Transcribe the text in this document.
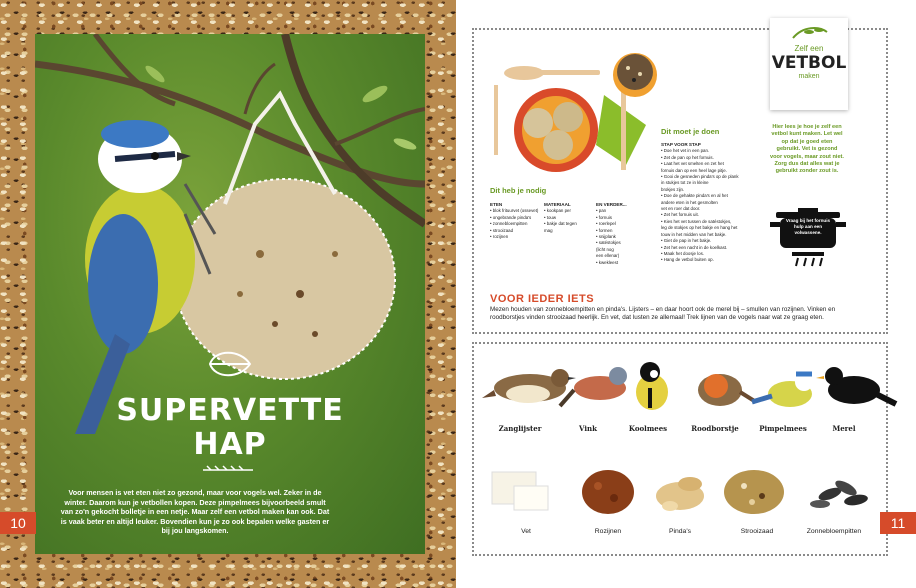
SUPERVETTE
HAP
Voor mensen is vet eten niet zo gezond, maar voor vogels wel. Zeker in de winter. Daarom kun je vetbollen kopen. Deze pimpelmees bijvoorbeeld smult van zo'n gekocht bolletje in een netje. Maar zelf een vetbol maken kan ook. Dat is vaak beter en altijd leuker. Bovendien kun je zo ook bepalen welke gasten er bij jou langskomen.
10
Zelf een
VETBOL
maken
Dit heb je nodig
ETEN
• blok frituurvet (ossevet)
• ongebrande pinda's
• zonnebloempitten
• strooizaad
• rozijnen
MATERIAAL
• kookpan per
• touw
• bakje dat tegen
mag
EN VERDER...
• pan
• fornuis
• roerlepel
• formen
• snijplank
• satéstokjes
(licht nog
een ellenar)
• kwekleest
Dit moet je doen
STAP VOOR STAP
• Doe het vet in een pan.
• Zet de pan op het fornuis.
• Laat het vet smelten en zet het
fornuis dan op een heel lage pitje.
• Gooi de gesneden pinda's op de plank
in stukjes tot ze in kleine
brokjes zijn.
• Doe de gehakte pinda's en al het
andere eten in het gesmolten
vet en roer dat door.
• Zet het fornuis uit.
• Kies het vet tussen de satéstokjes,
leg de stokjes op het bakje en hang het
touw in het midden van het bakje.
• Giet de pap in het bakje.
• Zet het een nacht in de koelkast.
• Maak het doosje los.
• Hang de vetbol buiten op.
Hier lees je hoe je zelf een vetbol kunt maken. Let wel op dat je goed eten gebruikt. Vet is gezond voor vogels, maar zout niet. Zorg dus dat alles wat je gebruikt zonder zout is.
Vraag bij het fornuis hulp aan een volwassene.
VOOR IEDER IETS
Mezen houden van zonnebloempitten en pinda's. Lijsters – en daar hoort ook de merel bij – smullen van rozijnen. Vinken en roodborstjes vinden strooizaad heerlijk. En vet, dat lusten ze allemaal! Trek lijnen van de vogels naar wat ze graag eten.
Zanglijster	Vink	Koolmees	Roodborstje	Pimpelmees	Merel
Vet	Rozijnen	Pinda's	Strooizaad	Zonnebloempitten
11
